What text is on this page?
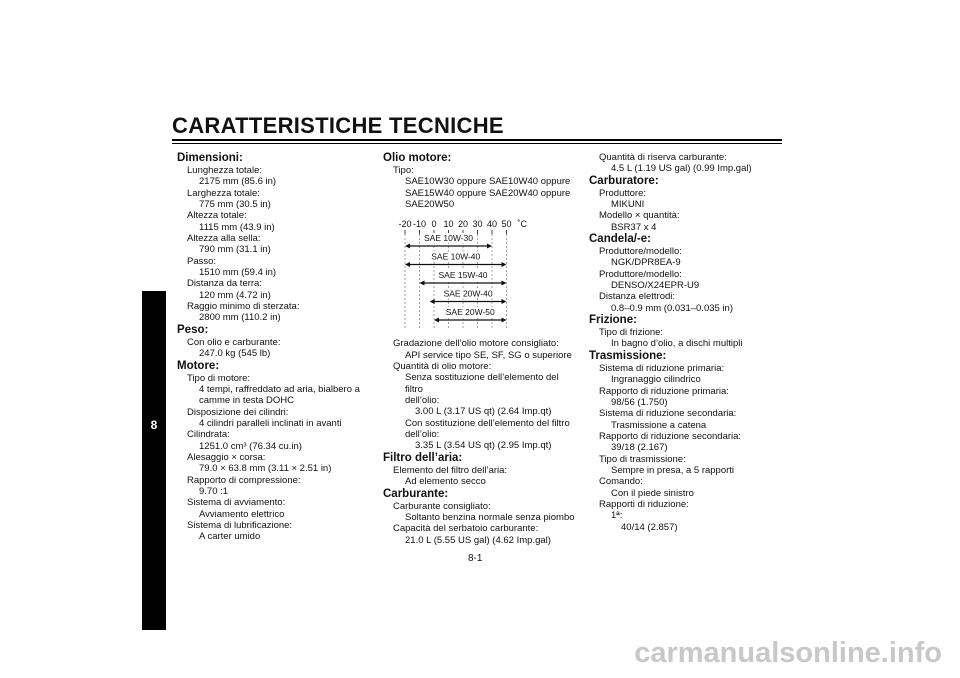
CARATTERISTICHE TECNICHE
8
Dimensioni:
Lunghezza totale:
2175 mm (85.6 in)
Larghezza totale:
775 mm (30.5 in)
Altezza totale:
1115 mm (43.9 in)
Altezza alla sella:
790 mm (31.1 in)
Passo:
1510 mm (59.4 in)
Distanza da terra:
120 mm (4.72 in)
Raggio minimo di sterzata:
2800 mm (110.2 in)
Peso:
Con olio e carburante:
247.0 kg (545 lb)
Motore:
Tipo di motore:
4 tempi, raffreddato ad aria, bialbero a
camme in testa DOHC
Disposizione dei cilindri:
4 cilindri paralleli inclinati in avanti
Cilindrata:
1251.0 cm³ (76.34 cu.in)
Alesaggio × corsa:
79.0 × 63.8 mm (3.11 × 2.51 in)
Rapporto di compressione:
9.70 :1
Sistema di avviamento:
Avviamento elettrico
Sistema di lubrificazione:
A carter umido
Olio motore:
Tipo:
SAE10W30 oppure SAE10W40 oppure
SAE15W40 oppure SAE20W40 oppure
SAE20W50
-20 -10 0 10 20 30 40 50 ˚C
SAE 10W-30
SAE 10W-40
SAE 15W-40
SAE 20W-40
SAE 20W-50
Gradazione dell’olio motore consigliato:
API service tipo SE, SF, SG o superiore
Quantità di olio motore:
Senza sostituzione dell’elemento del filtro
dell’olio:
3.00 L (3.17 US qt) (2.64 Imp.qt)
Con sostituzione dell’elemento del filtro
dell’olio:
3.35 L (3.54 US qt) (2.95 Imp.qt)
Filtro dell’aria:
Elemento del filtro dell’aria:
Ad elemento secco
Carburante:
Carburante consigliato:
Soltanto benzina normale senza piombo
Capacità del serbatoio carburante:
21.0 L (5.55 US gal) (4.62 Imp.gal)
Quantità di riserva carburante:
4.5 L (1.19 US gal) (0.99 Imp.gal)
Carburatore:
Produttore:
MIKUNI
Modello × quantità:
BSR37 x 4
Candela/-e:
Produttore/modello:
NGK/DPR8EA-9
Produttore/modello:
DENSO/X24EPR-U9
Distanza elettrodi:
0.8–0.9 mm (0.031–0.035 in)
Frizione:
Tipo di frizione:
In bagno d’olio, a dischi multipli
Trasmissione:
Sistema di riduzione primaria:
Ingranaggio cilindrico
Rapporto di riduzione primaria:
98/56 (1.750)
Sistema di riduzione secondaria:
Trasmissione a catena
Rapporto di riduzione secondaria:
39/18 (2.167)
Tipo di trasmissione:
Sempre in presa, a 5 rapporti
Comando:
Con il piede sinistro
Rapporti di riduzione:
1ª:
40/14 (2.857)
8-1
carmanualsonline.info
